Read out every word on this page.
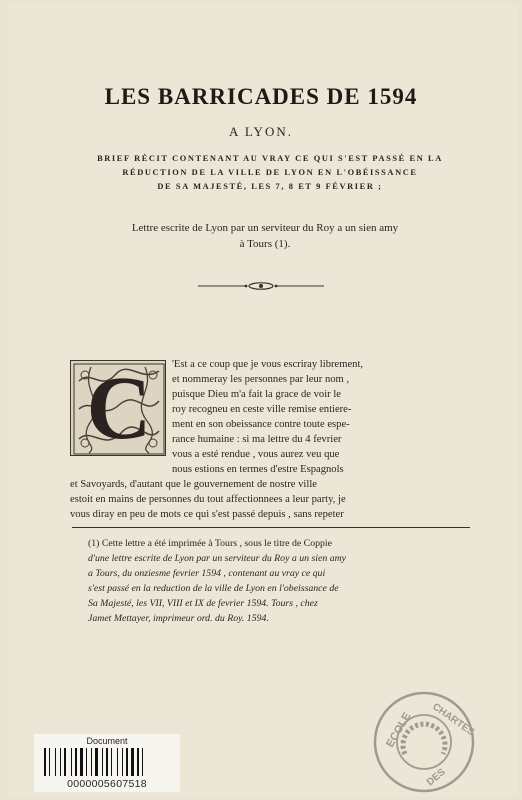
LES BARRICADES DE 1594
A LYON.
BRIEF RÉCIT CONTENANT AU VRAY CE QUI S'EST PASSÉ EN LA
RÉDUCTION DE LA VILLE DE LYON EN L'OBÉISSANCE
DE SA MAJESTÉ, LES 7, 8 ET 9 FÉVRIER ;
Lettre escrite de Lyon par un serviteur du Roy a un sien amy
à Tours (1).
C	'Est a ce coup que je vous escriray librement,
et nommeray les personnes par leur nom ,
puisque Dieu m'a fait la grace de voir le
roy recogneu en ceste ville remise entiere-
ment en son obeissance contre toute espe-
rance humaine : si ma lettre du 4 fevrier
vous a esté rendue , vous aurez veu que
nous estions en termes d'estre Espagnols
et Savoyards, d'autant que le gouvernement de nostre ville
estoit en mains de personnes du tout affectionnees a leur party, je
vous diray en peu de mots ce qui s'est passé depuis , sans repeter
(1) Cette lettre a été imprimée à Tours , sous le titre de Coppie
d'une lettre escrite de Lyon par un serviteur du Roy a un sien amy
a Tours, du onziesme fevrier 1594 , contenant au vray ce qui
s'est passé en la reduction de la ville de Lyon en l'obeissance de
Sa Majesté, les VII, VIII et IX de fevrier 1594. Tours , chez
Jamet Mettayer, imprimeur ord. du Roy. 1594.
ECOLE CHARTES
DES
Document
0000005607518
